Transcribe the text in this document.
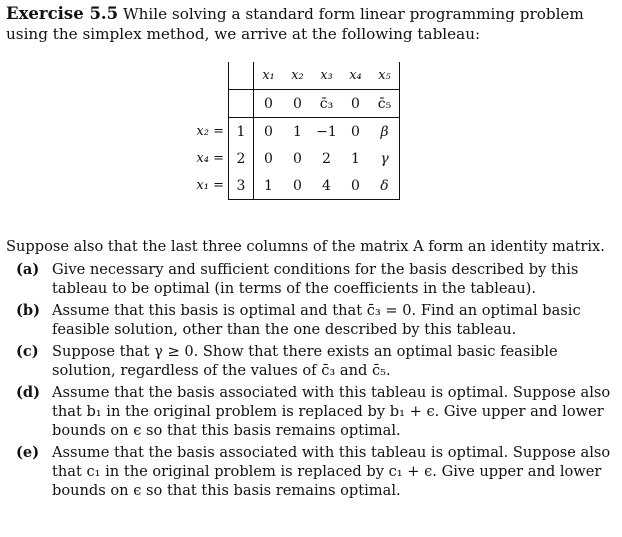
Exercise 5.5 While solving a standard form linear programming problem using the simplex method, we arrive at the following tableau:
		x₁	x₂	x₃	x₄	x₅
		0	0	c̄₃	0	c̄₅
x₂ =	1	0	1	−1	0	β
x₄ =	2	0	0	2	1	γ
x₁ =	3	1	0	4	0	δ

Suppose also that the last three columns of the matrix A form an identity matrix.

(a) Give necessary and sufficient conditions for the basis described by this tableau to be optimal (in terms of the coefficients in the tableau).
(b) Assume that this basis is optimal and that c̄₃ = 0. Find an optimal basic feasible solution, other than the one described by this tableau.
(c) Suppose that γ ≥ 0. Show that there exists an optimal basic feasible solution, regardless of the values of c̄₃ and c̄₅.
(d) Assume that the basis associated with this tableau is optimal. Suppose also that b₁ in the original problem is replaced by b₁ + ϵ. Give upper and lower bounds on ϵ so that this basis remains optimal.
(e) Assume that the basis associated with this tableau is optimal. Suppose also that c₁ in the original problem is replaced by c₁ + ϵ. Give upper and lower bounds on ϵ so that this basis remains optimal.
